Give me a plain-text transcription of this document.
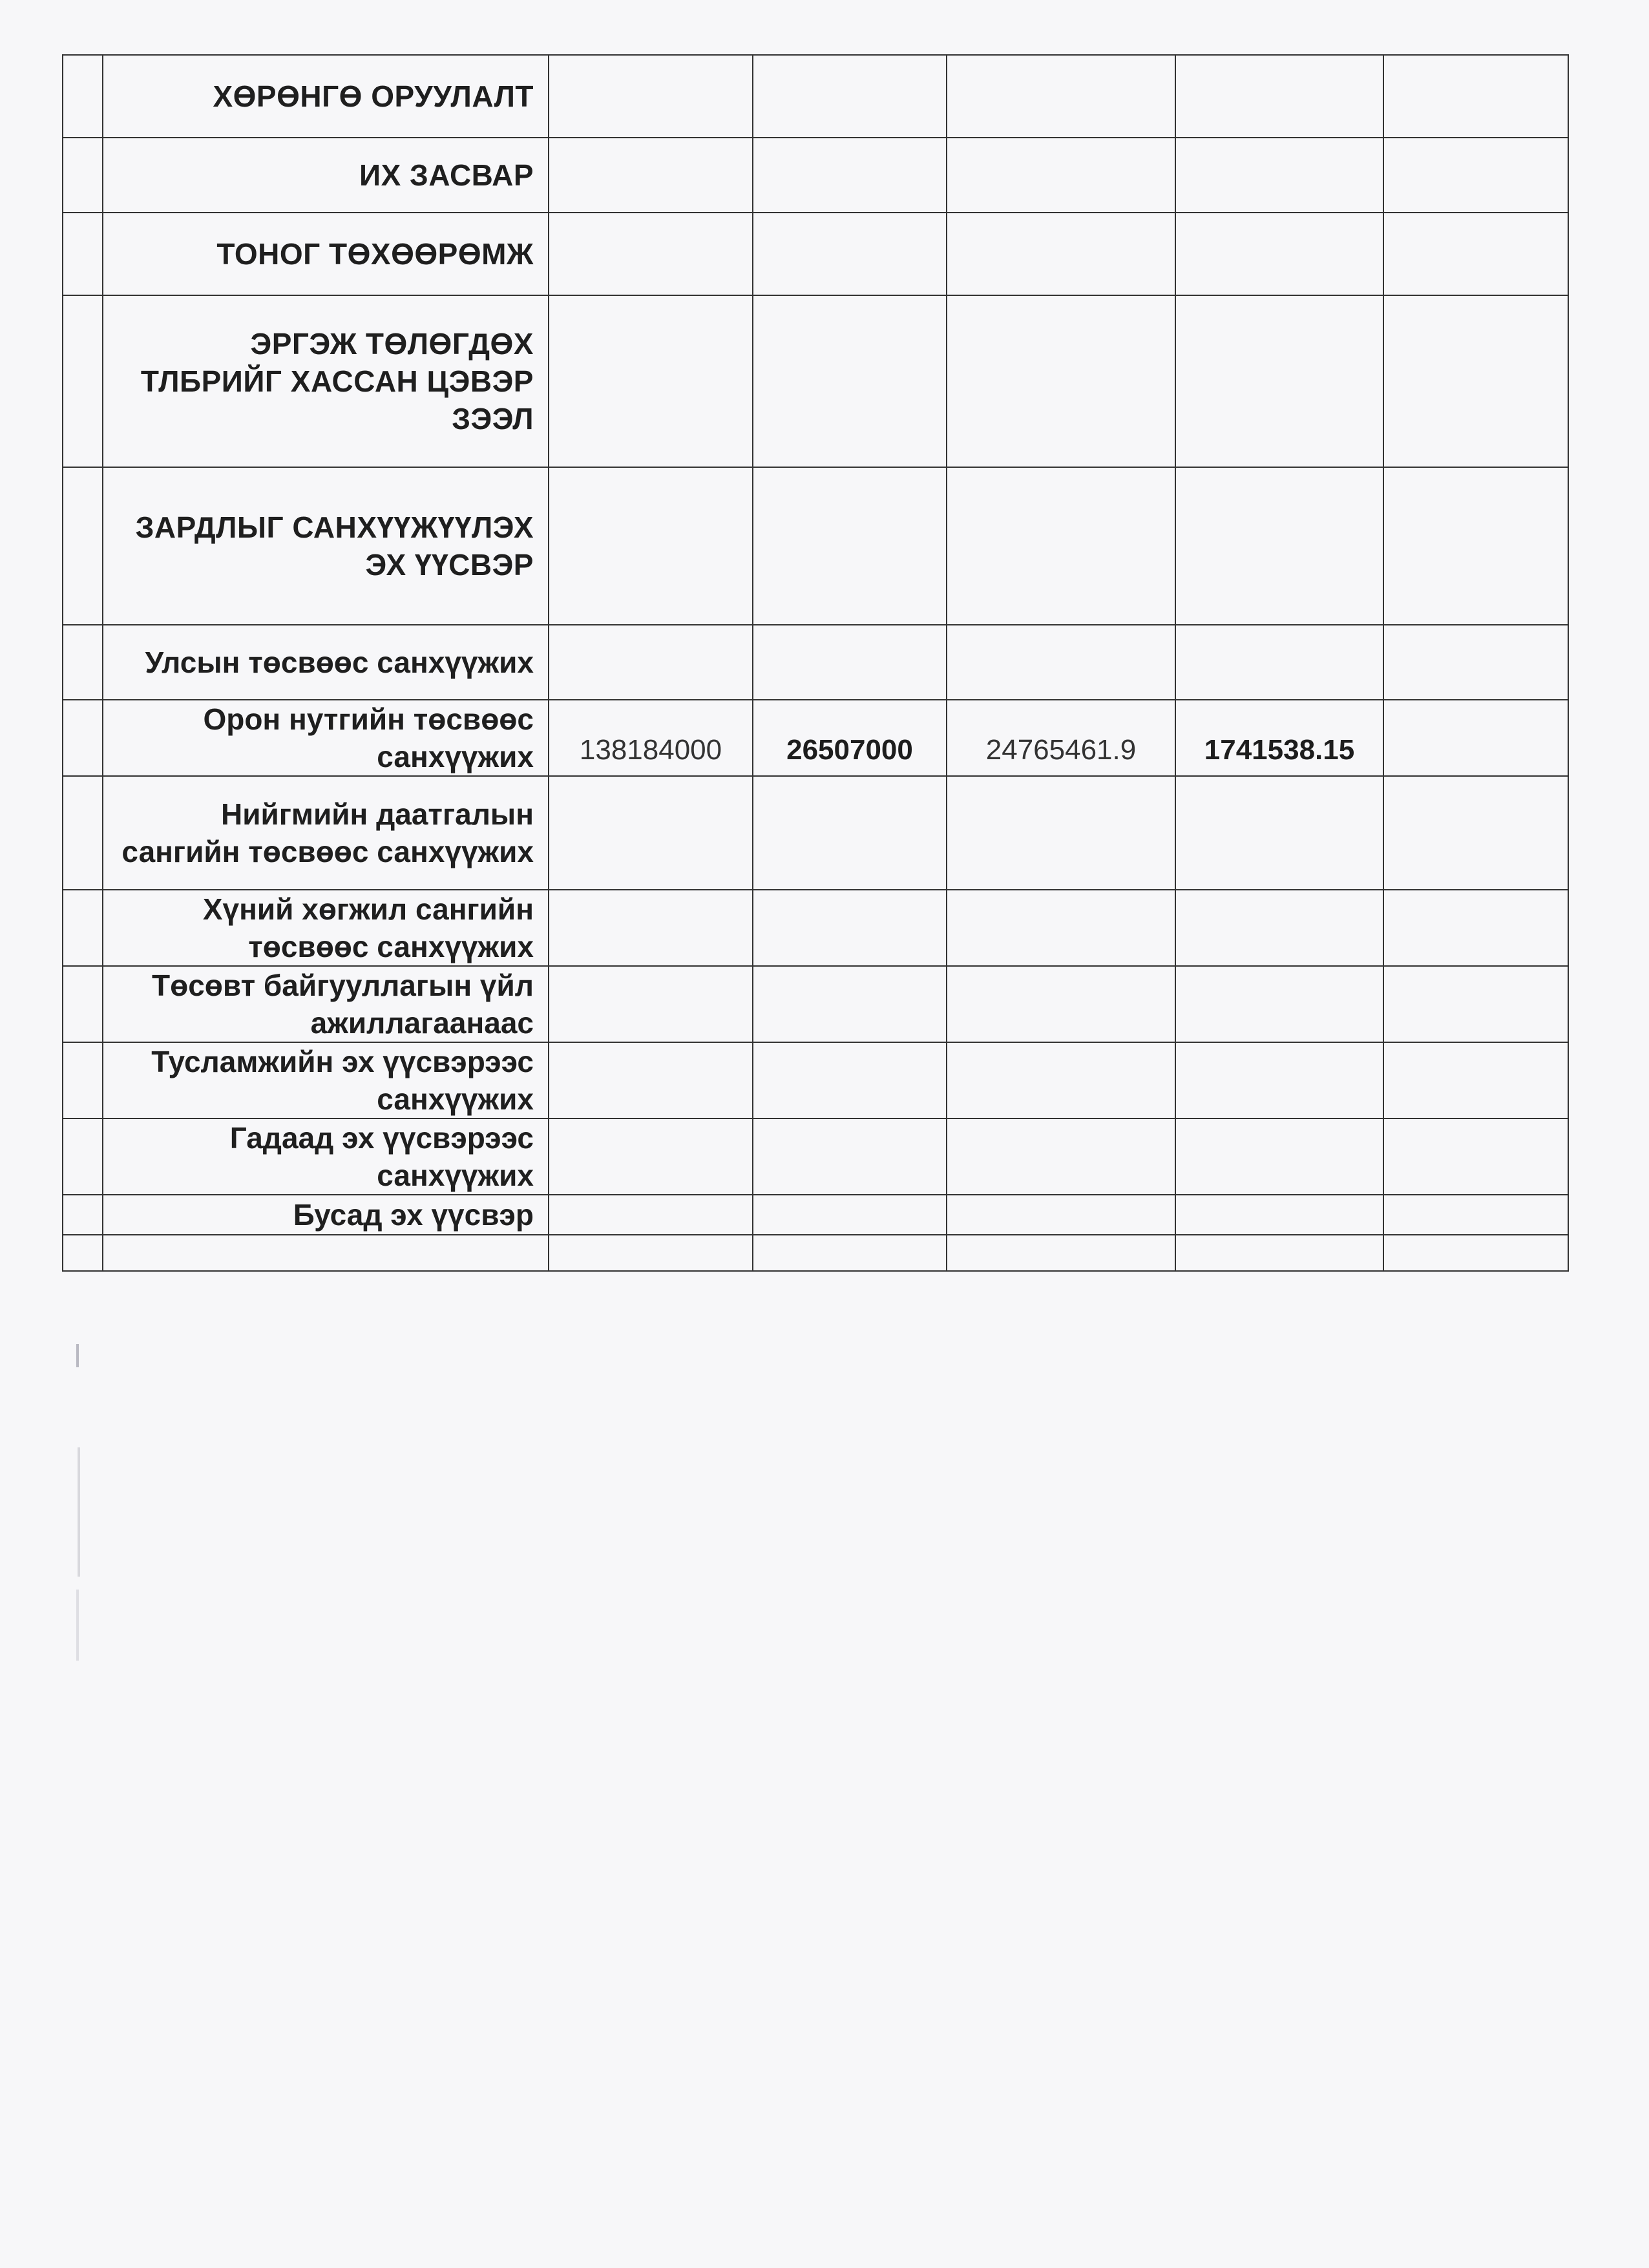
	ХӨРӨНГӨ ОРУУЛАЛТ					
	ИХ ЗАСВАР					
	ТОНОГ ТӨХӨӨРӨМЖ					
	ЭРГЭЖ ТӨЛӨГДӨХ ТЛБРИЙГ ХАССАН ЦЭВЭР ЗЭЭЛ					
	ЗАРДЛЫГ САНХҮҮЖҮҮЛЭХ ЭХ ҮҮСВЭР					
	Улсын төсвөөс санхүүжих					
	Орон нутгийн төсвөөс санхүүжих	138184000	26507000	24765461.9	1741538.15	
	Нийгмийн даатгалын сангийн төсвөөс санхүүжих					
	Хүний хөгжил сангийн төсвөөс санхүүжих					
	Төсөвт байгууллагын үйл ажиллагаанаас					
	Тусламжийн эх үүсвэрээс санхүүжих					
	Гадаад эх үүсвэрээс санхүүжих					
	Бусад эх үүсвэр					
